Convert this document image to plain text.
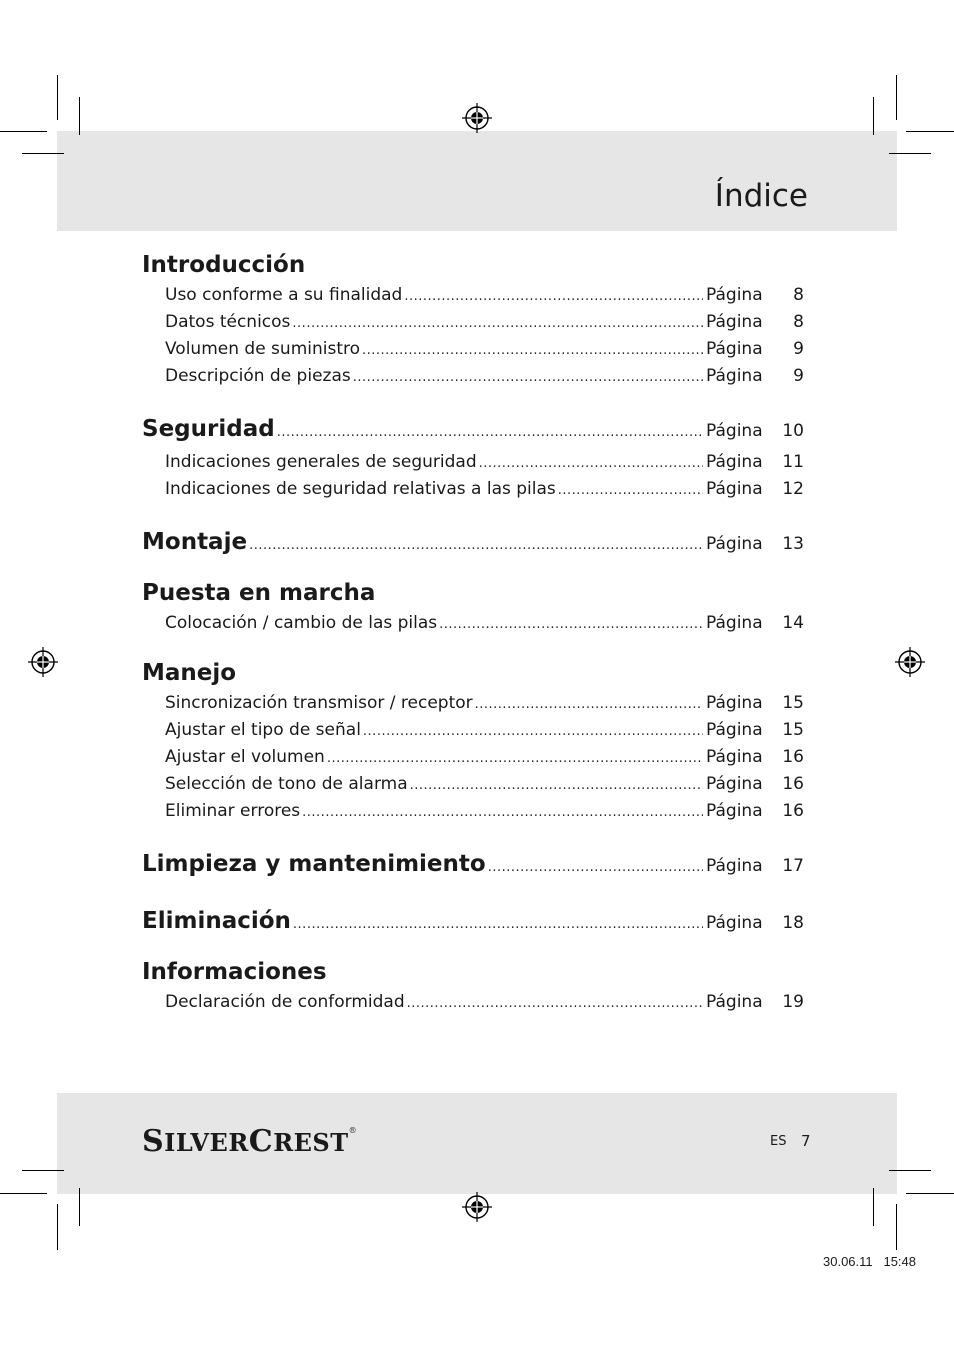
Índice
Introducción
Uso conforme a su finalidad .....	Página	8
Datos técnicos .....	Página	8
Volumen de suministro .....	Página	9
Descripción de piezas .....	Página	9
Seguridad .....	Página	10
Indicaciones generales de seguridad .....	Página	11
Indicaciones de seguridad relativas a las pilas .....	Página	12
Montaje .....	Página	13
Puesta en marcha
Colocación / cambio de las pilas .....	Página	14
Manejo
Sincronización transmisor / receptor .....	Página	15
Ajustar el tipo de señal .....	Página	15
Ajustar el volumen .....	Página	16
Selección de tono de alarma .....	Página	16
Eliminar errores .....	Página	16
Limpieza y mantenimiento .....	Página	17
Eliminación .....	Página	18
Informaciones
Declaración de conformidad .....	Página	19
SILVERCREST®
ES 7
30.06.11   15:48
